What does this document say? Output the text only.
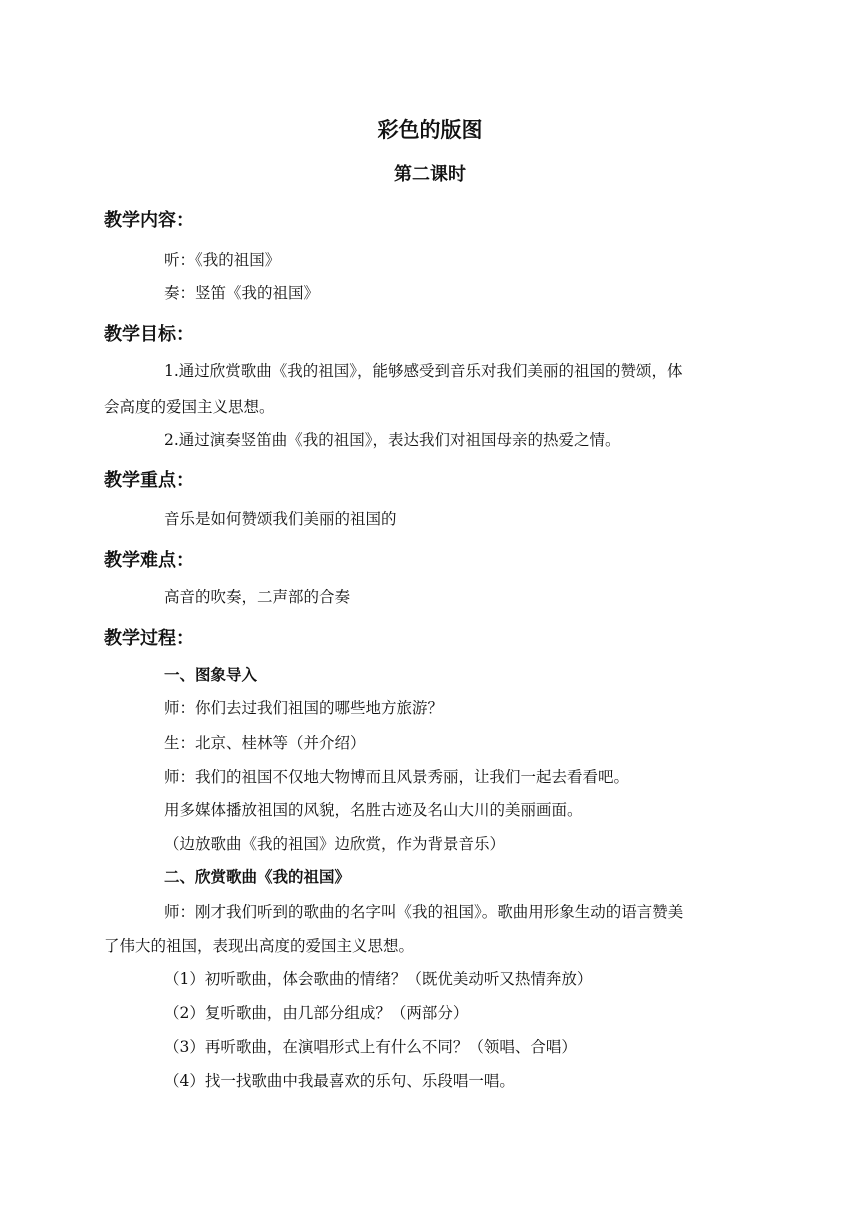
彩色的版图
第二课时
教学内容：
听：《我的祖国》
奏：竖笛《我的祖国》
教学目标：
1.通过欣赏歌曲《我的祖国》，能够感受到音乐对我们美丽的祖国的赞颂，体
会高度的爱国主义思想。
2.通过演奏竖笛曲《我的祖国》，表达我们对祖国母亲的热爱之情。
教学重点：
音乐是如何赞颂我们美丽的祖国的
教学难点：
高音的吹奏，二声部的合奏
教学过程：
一、图象导入
师：你们去过我们祖国的哪些地方旅游？
生：北京、桂林等（并介绍）
师：我们的祖国不仅地大物博而且风景秀丽，让我们一起去看看吧。
用多媒体播放祖国的风貌，名胜古迹及名山大川的美丽画面。
（边放歌曲《我的祖国》边欣赏，作为背景音乐）
二、欣赏歌曲《我的祖国》
师：刚才我们听到的歌曲的名字叫《我的祖国》。歌曲用形象生动的语言赞美
了伟大的祖国，表现出高度的爱国主义思想。
（1）初听歌曲，体会歌曲的情绪？（既优美动听又热情奔放）
（2）复听歌曲，由几部分组成？（两部分）
（3）再听歌曲，在演唱形式上有什么不同？（领唱、合唱）
（4）找一找歌曲中我最喜欢的乐句、乐段唱一唱。
